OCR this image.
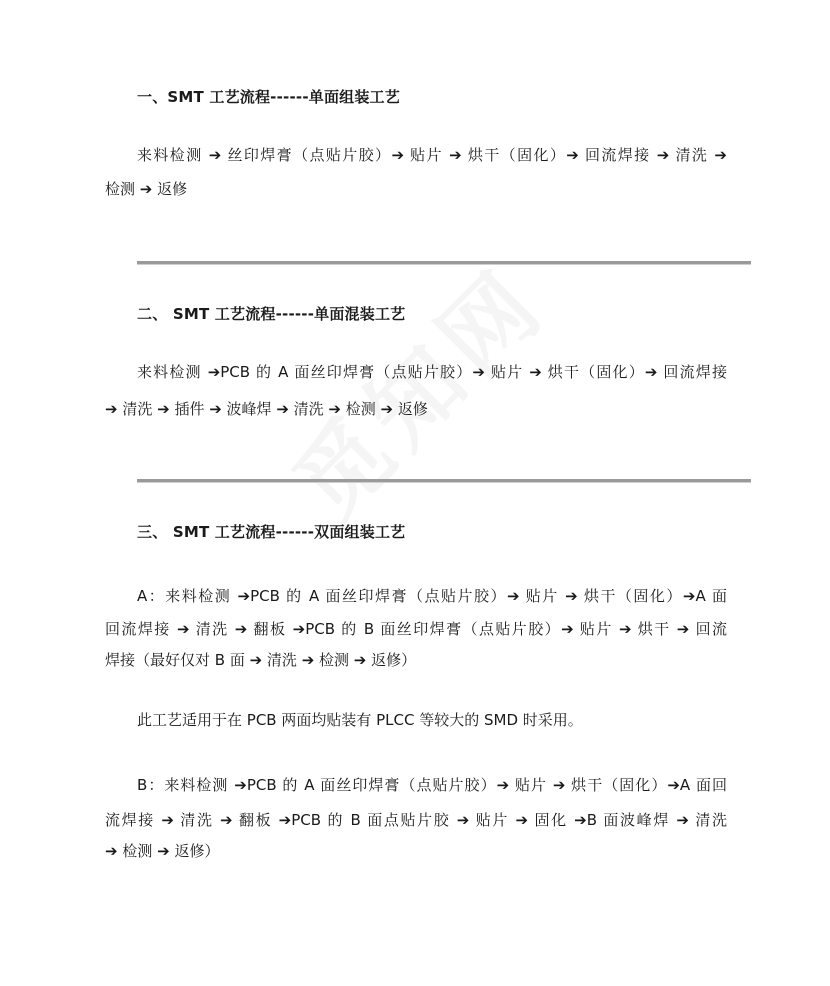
一、SMT 工艺流程------单面组装工艺
来料检测 ➔ 丝印焊膏（点贴片胶）➔ 贴片 ➔ 烘干（固化）➔ 回流焊接 ➔ 清洗 ➔
检测 ➔ 返修
二、 SMT 工艺流程------单面混装工艺
来料检测 ➔PCB 的 A 面丝印焊膏（点贴片胶）➔ 贴片 ➔ 烘干（固化）➔ 回流焊接
➔ 清洗 ➔ 插件 ➔ 波峰焊 ➔ 清洗 ➔ 检测 ➔ 返修
三、 SMT 工艺流程------双面组装工艺
A：来料检测 ➔PCB 的 A 面丝印焊膏（点贴片胶）➔ 贴片 ➔ 烘干（固化）➔A 面
回流焊接 ➔ 清洗 ➔ 翻板 ➔PCB 的 B 面丝印焊膏（点贴片胶）➔ 贴片 ➔ 烘干 ➔ 回流
焊接（最好仅对 B 面 ➔ 清洗 ➔ 检测 ➔ 返修）
此工艺适用于在 PCB 两面均贴装有 PLCC 等较大的 SMD 时采用。
B：来料检测 ➔PCB 的 A 面丝印焊膏（点贴片胶）➔ 贴片 ➔ 烘干（固化）➔A 面回
流焊接 ➔ 清洗 ➔ 翻板 ➔PCB 的 B 面点贴片胶 ➔ 贴片 ➔ 固化 ➔B 面波峰焊 ➔ 清洗
➔ 检测 ➔ 返修）
